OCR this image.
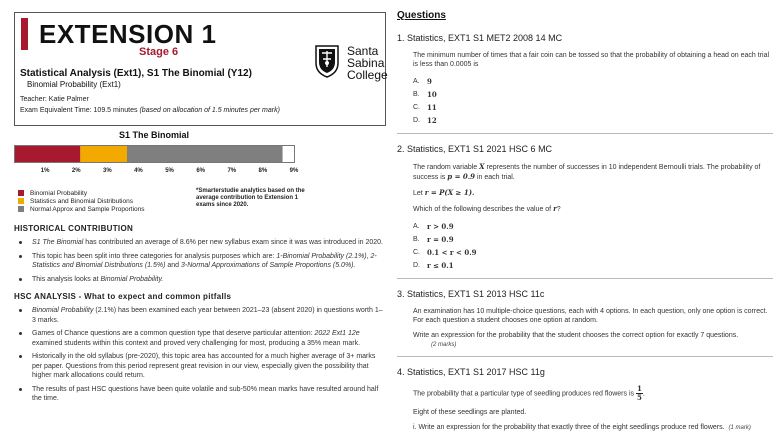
EXTENSION 1
Stage 6	Santa
Sabina
College
Statistical Analysis (Ext1), S1 The Binomial (Y12)
Binomial Probability (Ext1)
Teacher: Katie Palmer
Exam Equivalent Time: 109.5 minutes (based on allocation of 1.5 minutes per mark)
S1 The Binomial
1%	2%	3%	4%	5%	6%	7%	8%	9%
Binomial Probability
Statistics and Binomial Distributions
Normal Approx and Sample Proportions
*Smarterstudie analytics based on the average contribution to Extension 1 exams since 2020.
HISTORICAL CONTRIBUTION
S1 The Binomial has contributed an average of 8.6% per new syllabus exam since it was was introduced in 2020.
This topic has been split into three categories for analysis purposes which are: 1-Binomial Probability (2.1%), 2-Statistics and Binomial Distributions (1.5%) and 3-Normal Approximations of Sample Proportions (5.0%).
This analysis looks at Binomial Probability.
HSC ANALYSIS - What to expect and common pitfalls
Binomial Probability (2.1%) has been examined each year between 2021–23 (absent 2020) in questions worth 1–3 marks.
Games of Chance questions are a common question type that deserve particular attention: 2022 Ext1 12e examined students within this context and proved very challenging for most, producing a 35% mean mark.
Historically in the old syllabus (pre-2020), this topic area has accounted for a much higher average of 3+ marks per paper. Questions from this period represent great revision in our view, especially given the possibility that higher mark allocations could return.
The results of past HSC questions have been quite volatile and sub-50% mean marks have resulted around half the time.
Questions
1. Statistics, EXT1 S1 MET2 2008 14 MC

The minimum number of times that a fair coin can be tossed so that the probability of obtaining a head on each trial is less than 0.0005 is

A.	9
B.	10
C.	11
D.	12
2. Statistics, EXT1 S1 2021 HSC 6 MC

The random variable X represents the number of successes in 10 independent Bernoulli trials. The probability of success is p = 0.9 in each trial.

Let r = P(X ≥ 1).

Which of the following describes the value of r?

A.	r > 0.9
B.	r = 0.9
C.	0.1 < r < 0.9
D.	r ≤ 0.1
3. Statistics, EXT1 S1 2013 HSC 11c

An examination has 10 multiple-choice questions, each with 4 options. In each question, only one option is correct. For each question a student chooses one option at random.

Write an expression for the probability that the student chooses the correct option for exactly 7 questions.
(2 marks)

4. Statistics, EXT1 S1 2017 HSC 11g

The probability that a particular type of seedling produces red flowers is $\frac{1}{5}$ .

Eight of these seedlings are planted.

i. Write an expression for the probability that exactly three of the eight seedlings produce red flowers. (1 mark)
